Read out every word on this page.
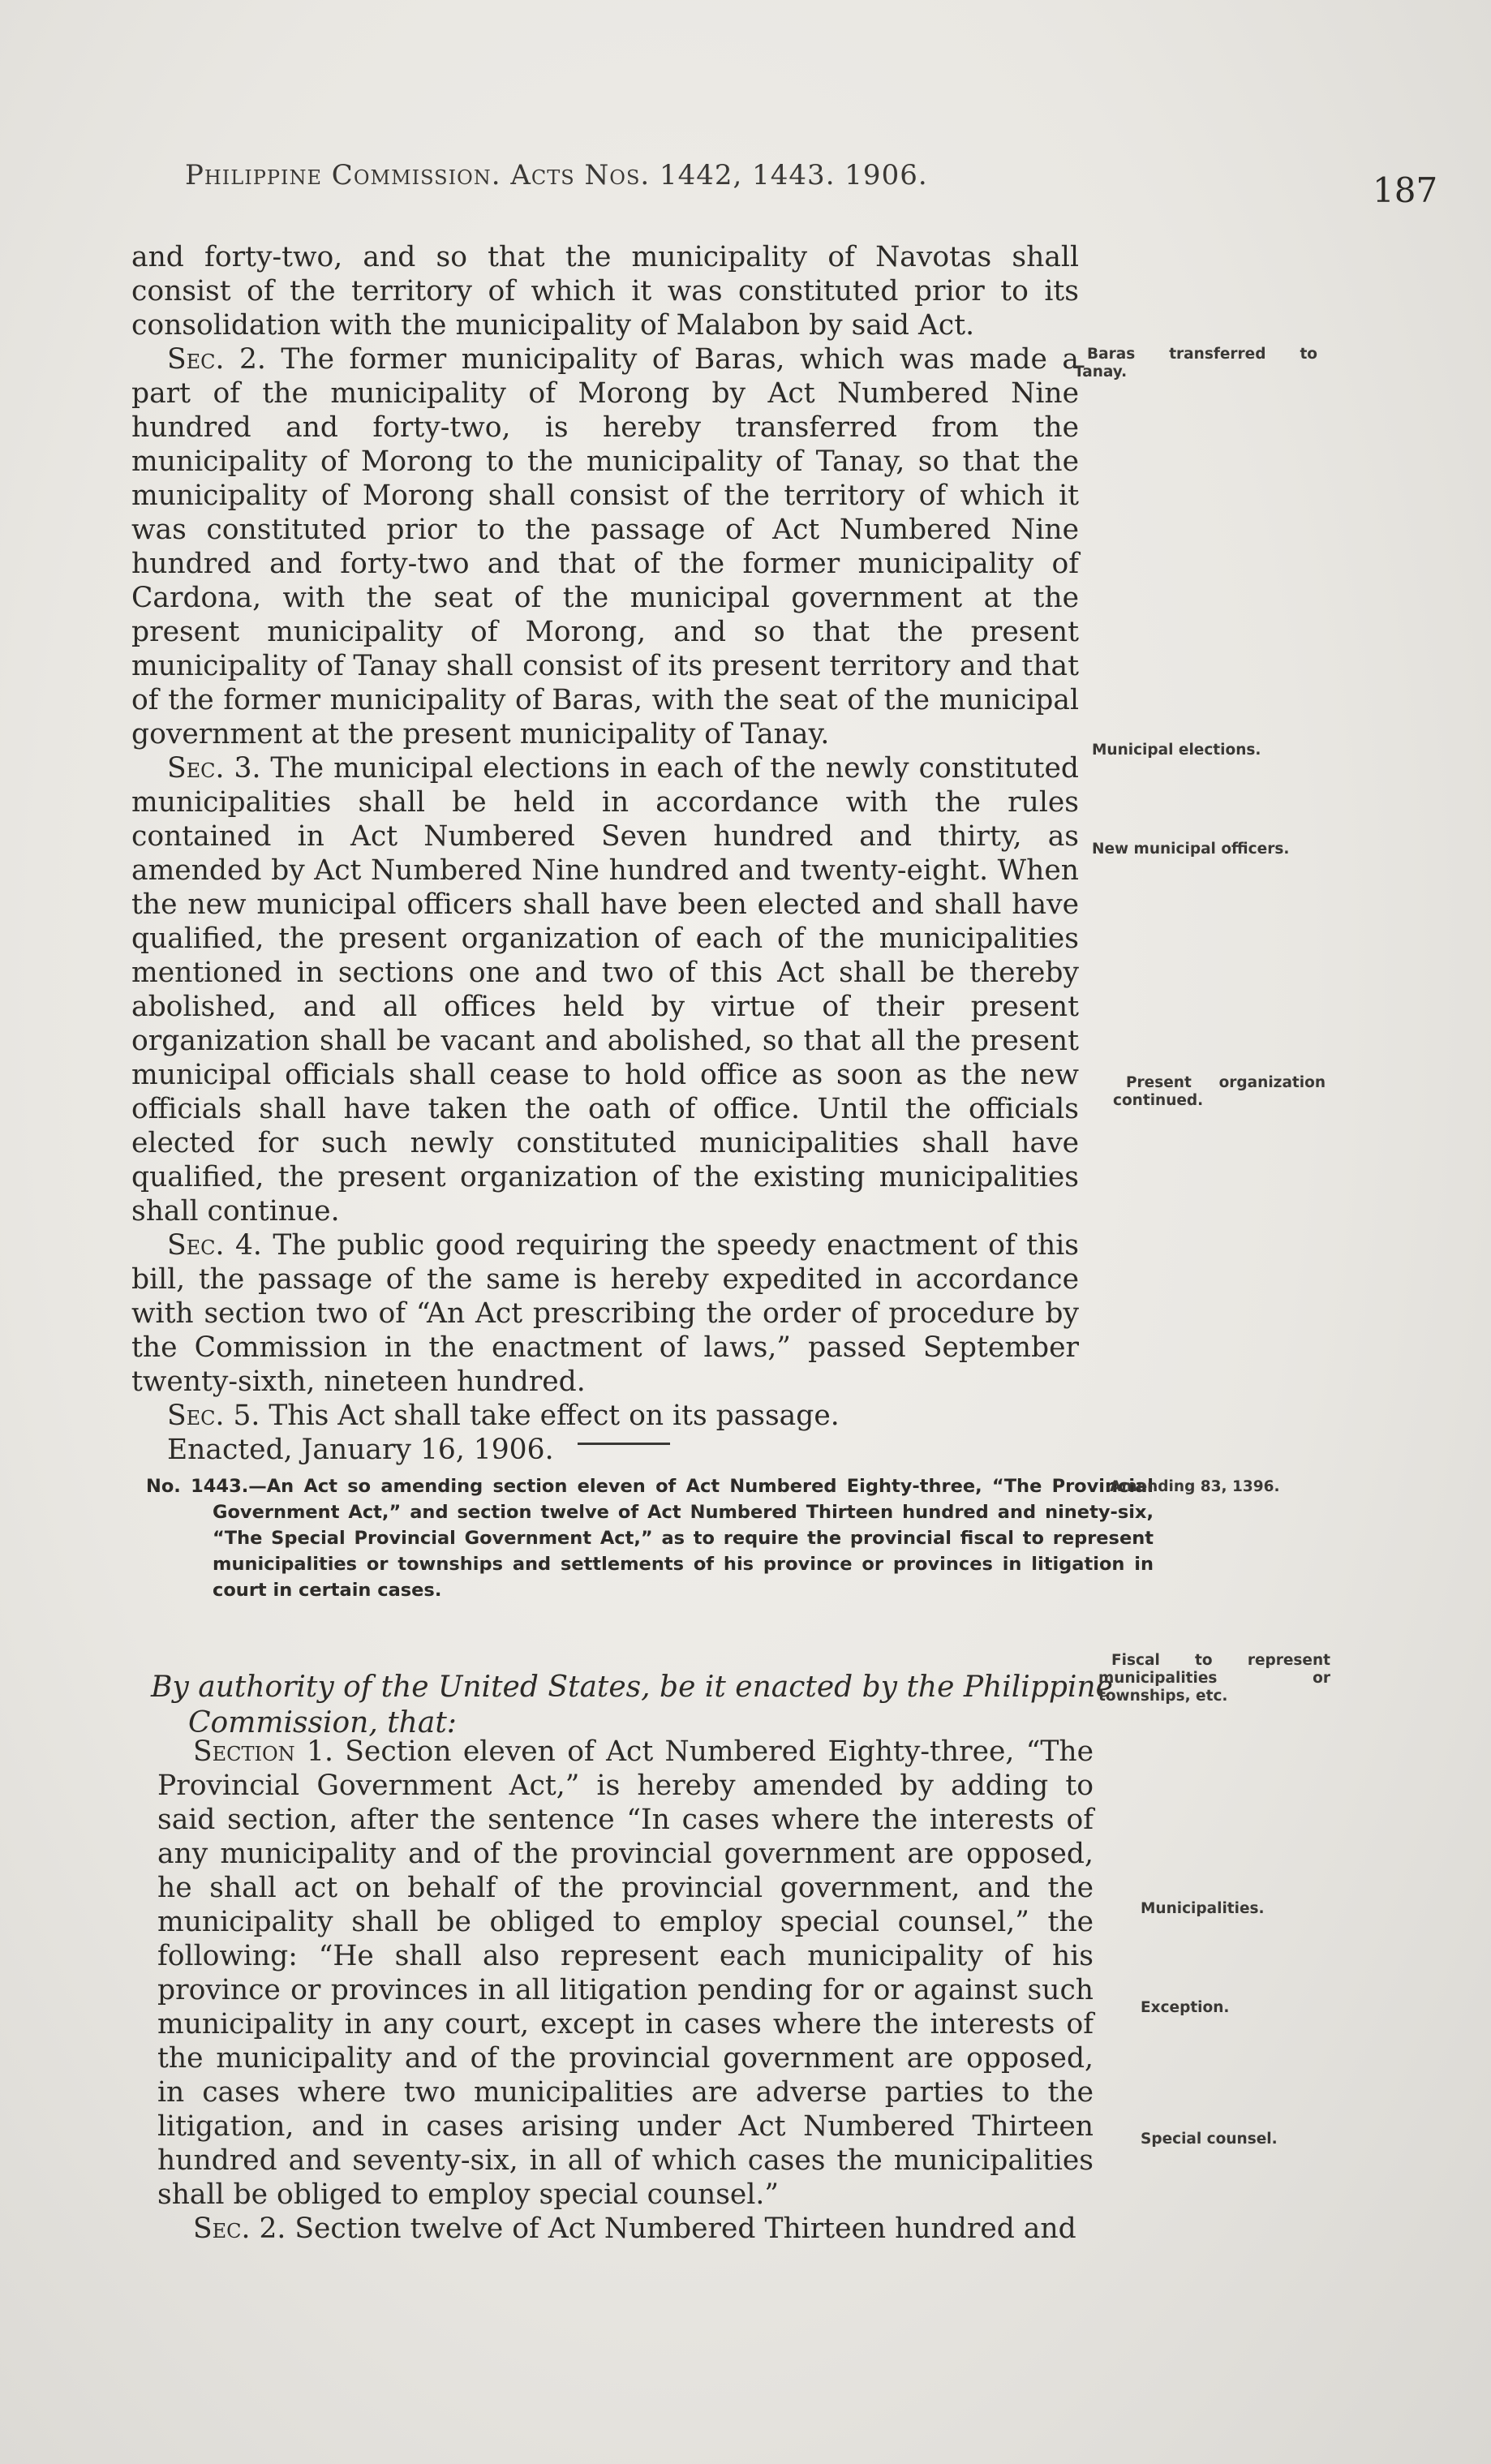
Philippine Commission. Acts Nos. 1442, 1443. 1906.	187

and forty-two, and so that the municipality of Navotas shall consist of the territory of which it was constituted prior to its consolidation with the municipality of Malabon by said Act.

Sec. 2. The former municipality of Baras, which was made a part of the municipality of Morong by Act Numbered Nine hundred and forty-two, is hereby transferred from the municipality of Morong to the municipality of Tanay, so that the municipality of Morong shall consist of the territory of which it was constituted prior to the passage of Act Numbered Nine hundred and forty-two and that of the former municipality of Cardona, with the seat of the municipal government at the present municipality of Morong, and so that the present municipality of Tanay shall consist of its present territory and that of the former municipality of Baras, with the seat of the municipal government at the present municipality of Tanay.

Sec. 3. The municipal elections in each of the newly constituted municipalities shall be held in accordance with the rules contained in Act Numbered Seven hundred and thirty, as amended by Act Numbered Nine hundred and twenty-eight. When the new municipal officers shall have been elected and shall have qualified, the present organization of each of the municipalities mentioned in sections one and two of this Act shall be thereby abolished, and all offices held by virtue of their present organization shall be vacant and abolished, so that all the present municipal officials shall cease to hold office as soon as the new officials shall have taken the oath of office. Until the officials elected for such newly constituted municipalities shall have qualified, the present organization of the existing municipalities shall continue.

Sec. 4. The public good requiring the speedy enactment of this bill, the passage of the same is hereby expedited in accordance with section two of “An Act prescribing the order of procedure by the Commission in the enactment of laws,” passed September twenty-sixth, nineteen hundred.

Sec. 5. This Act shall take effect on its passage.

Enacted, January 16, 1906.

No. 1443.—An Act so amending section eleven of Act Numbered Eighty-three, “The Provincial Government Act,” and section twelve of Act Numbered Thirteen hundred and ninety-six, “The Special Provincial Government Act,” as to require the provincial fiscal to represent municipalities or townships and settlements of his province or provinces in litigation in court in certain cases.
By authority of the United States, be it enacted by the Philippine Commission, that:

Section 1. Section eleven of Act Numbered Eighty-three, “The Provincial Government Act,” is hereby amended by adding to said section, after the sentence “In cases where the interests of any municipality and of the provincial government are opposed, he shall act on behalf of the provincial government, and the municipality shall be obliged to employ special counsel,” the following: “He shall also represent each municipality of his province or provinces in all litigation pending for or against such municipality in any court, except in cases where the interests of the municipality and of the provincial government are opposed, in cases where two municipalities are adverse parties to the litigation, and in cases arising under Act Numbered Thirteen hundred and seventy-six, in all of which cases the municipalities shall be obliged to employ special counsel.”

Sec. 2. Section twelve of Act Numbered Thirteen hundred and

Baras transferred to Tanay.
Municipal elections.
New municipal officers.
Present organization continued.
Amending 83, 1396.
Fiscal to represent municipalities or townships, etc.
Municipalities.
Exception.
Special counsel.
